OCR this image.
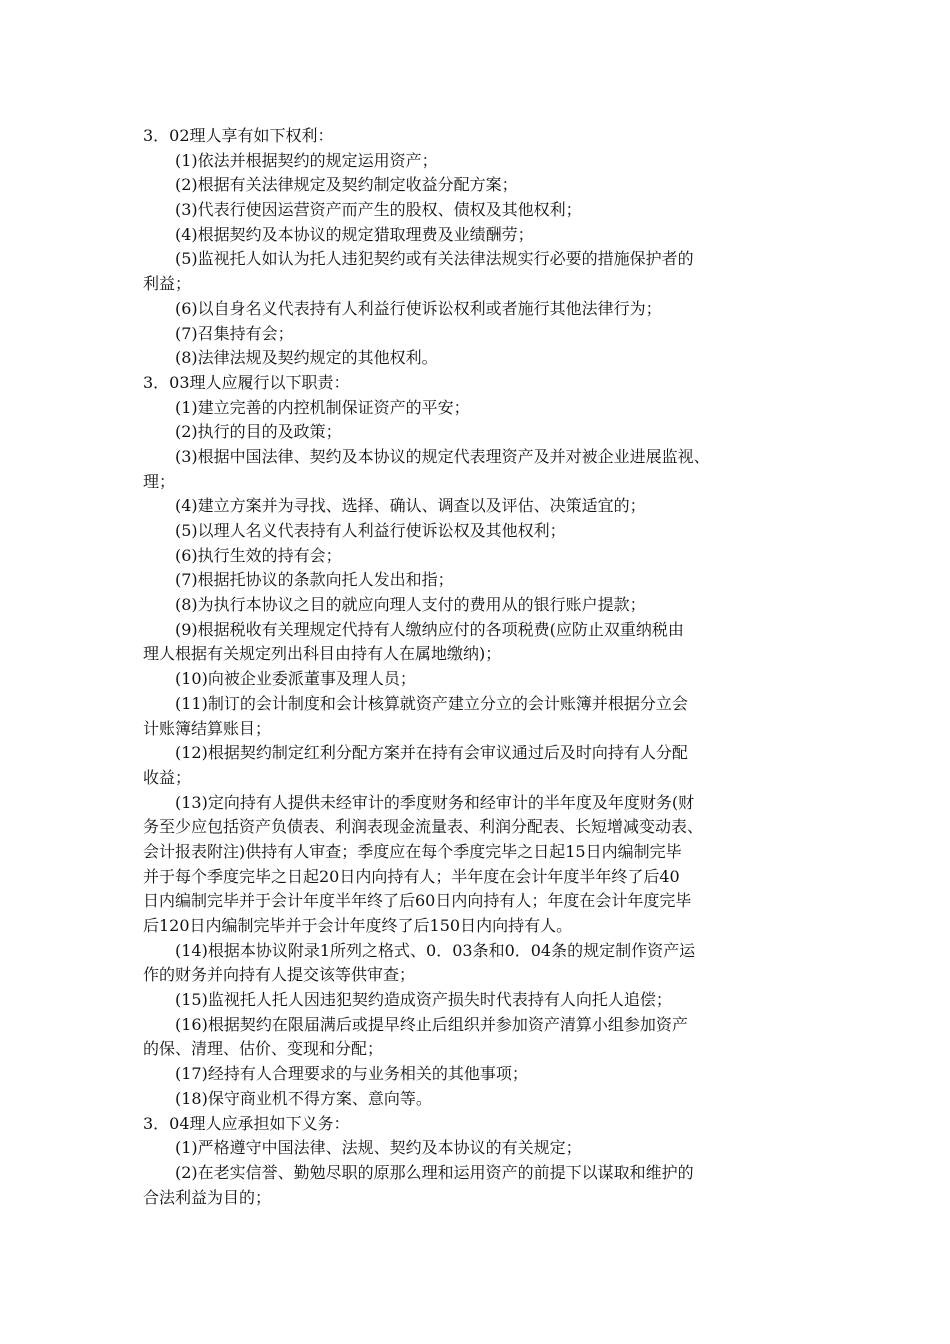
3．02理人享有如下权利：
(1)依法并根据契约的规定运用资产；
(2)根据有关法律规定及契约制定收益分配方案；
(3)代表行使因运营资产而产生的股权、债权及其他权利；
(4)根据契约及本协议的规定猎取理费及业绩酬劳；
(5)监视托人如认为托人违犯契约或有关法律法规实行必要的措施保护者的
利益；
(6)以自身名义代表持有人利益行使诉讼权利或者施行其他法律行为；
(7)召集持有会；
(8)法律法规及契约规定的其他权利。
3．03理人应履行以下职责：
(1)建立完善的内控机制保证资产的平安；
(2)执行的目的及政策；
(3)根据中国法律、契约及本协议的规定代表理资产及并对被企业进展监视、
理；
(4)建立方案并为寻找、选择、确认、调查以及评估、决策适宜的；
(5)以理人名义代表持有人利益行使诉讼权及其他权利；
(6)执行生效的持有会；
(7)根据托协议的条款向托人发出和指；
(8)为执行本协议之目的就应向理人支付的费用从的银行账户提款；
(9)根据税收有关理规定代持有人缴纳应付的各项税费(应防止双重纳税由
理人根据有关规定列出科目由持有人在属地缴纳)；
(10)向被企业委派董事及理人员；
(11)制订的会计制度和会计核算就资产建立分立的会计账簿并根据分立会
计账簿结算账目；
(12)根据契约制定红利分配方案并在持有会审议通过后及时向持有人分配
收益；
(13)定向持有人提供未经审计的季度财务和经审计的半年度及年度财务(财
务至少应包括资产负债表、利润表现金流量表、利润分配表、长短增减变动表、
会计报表附注)供持有人审查；季度应在每个季度完毕之日起15日内编制完毕
并于每个季度完毕之日起20日内向持有人；半年度在会计年度半年终了后40
日内编制完毕并于会计年度半年终了后60日内向持有人；年度在会计年度完毕
后120日内编制完毕并于会计年度终了后150日内向持有人。
(14)根据本协议附录1所列之格式、0．03条和0．04条的规定制作资产运
作的财务并向持有人提交该等供审查；
(15)监视托人托人因违犯契约造成资产损失时代表持有人向托人追偿；
(16)根据契约在限届满后或提早终止后组织并参加资产清算小组参加资产
的保、清理、估价、变现和分配；
(17)经持有人合理要求的与业务相关的其他事项；
(18)保守商业机不得方案、意向等。
3．04理人应承担如下义务：
(1)严格遵守中国法律、法规、契约及本协议的有关规定；
(2)在老实信誉、勤勉尽职的原那么理和运用资产的前提下以谋取和维护的
合法利益为目的；
